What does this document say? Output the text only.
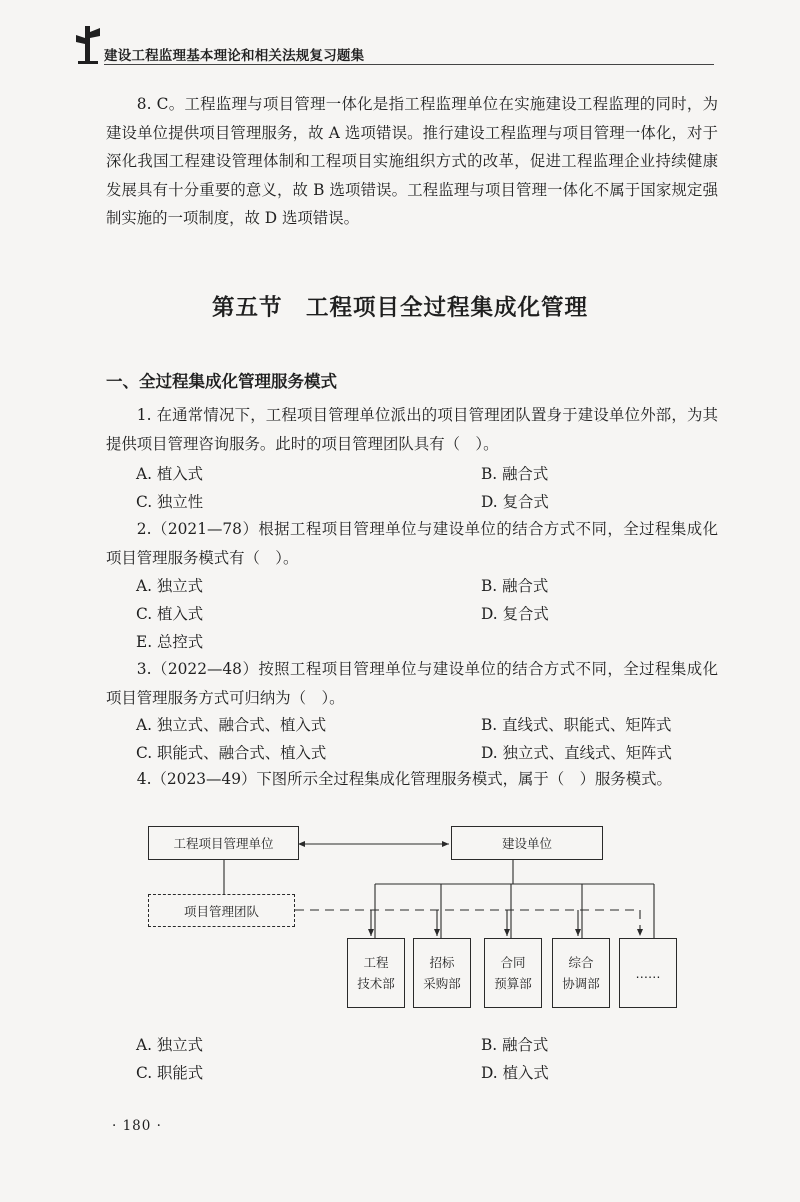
建设工程监理基本理论和相关法规复习题集

8. C。工程监理与项目管理一体化是指工程监理单位在实施建设工程监理的同时，为建设单位提供项目管理服务，故 A 选项错误。推行建设工程监理与项目管理一体化，对于深化我国工程建设管理体制和工程项目实施组织方式的改革，促进工程监理企业持续健康发展具有十分重要的意义，故 B 选项错误。工程监理与项目管理一体化不属于国家规定强制实施的一项制度，故 D 选项错误。

第五节　工程项目全过程集成化管理
一、全过程集成化管理服务模式

1. 在通常情况下，工程项目管理单位派出的项目管理团队置身于建设单位外部，为其提供项目管理咨询服务。此时的项目管理团队具有（　）。

A. 植入式	B. 融合式
C. 独立性	D. 复合式

2.（2021—78）根据工程项目管理单位与建设单位的结合方式不同，全过程集成化项目管理服务模式有（　）。

A. 独立式	B. 融合式
C. 植入式	D. 复合式
E. 总控式

3.（2022—48）按照工程项目管理单位与建设单位的结合方式不同，全过程集成化项目管理服务方式可归纳为（　）。

A. 独立式、融合式、植入式	B. 直线式、职能式、矩阵式
C. 职能式、融合式、植入式	D. 独立式、直线式、矩阵式

4.（2023—49）下图所示全过程集成化管理服务模式，属于（　）服务模式。

工程项目管理单位	建设单位
项目管理团队
工程
技术部
招标
采购部
合同
预算部
综合
协调部
……
A. 独立式	B. 融合式
C. 职能式	D. 植入式
· 180 ·
